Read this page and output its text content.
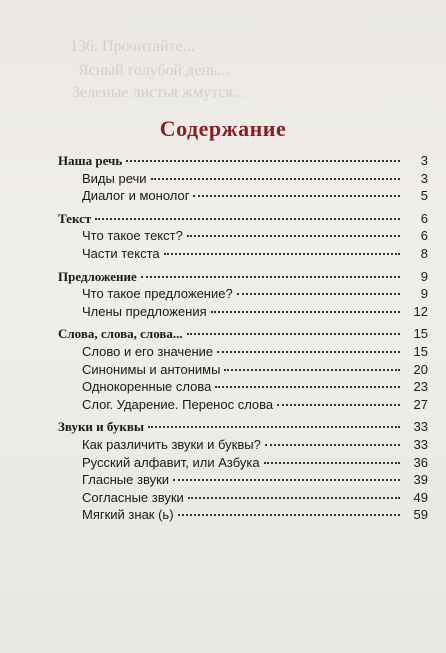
136. Прочитайте...
Ясный голубой день...
Зеленые листья жмутся...
Содержание
Наша речь	3
Виды речи	3
Диалог и монолог	5
Текст	6
Что такое текст?	6
Части текста	8
Предложение	9
Что такое предложение?	9
Члены предложения	12
Слова, слова, слова...	15
Слово и его значение	15
Синонимы и антонимы	20
Однокоренные слова	23
Слог. Ударение. Перенос слова	27
Звуки и буквы	33
Как различить звуки и буквы?	33
Русский алфавит, или Азбука	36
Гласные звуки	39
Согласные звуки	49
Мягкий знак (ь)	59
